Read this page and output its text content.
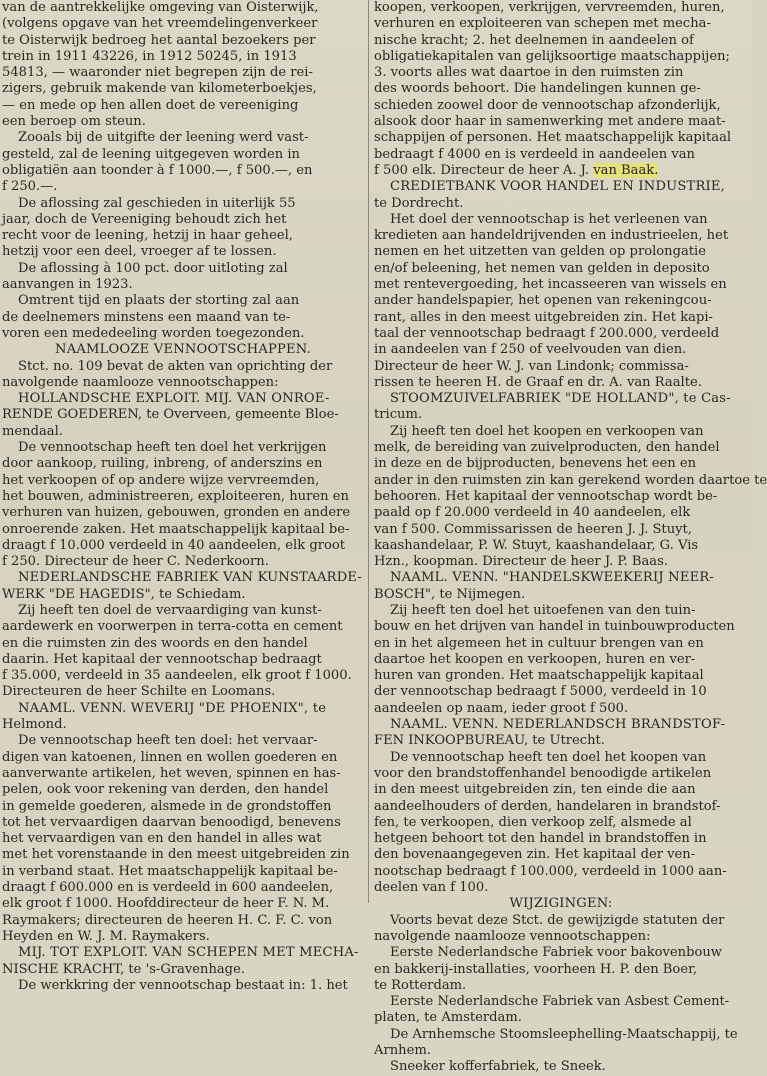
van de aantrekkelijke omgeving van Oisterwijk,
(volgens opgave van het vreemdelingenverkeer
te Oisterwijk bedroeg het aantal bezoekers per
trein in 1911 43226, in 1912 50245, in 1913
54813, — waaronder niet begrepen zijn de rei-
zigers, gebruik makende van kilometerboekjes,
— en mede op hen allen doet de vereeniging
een beroep om steun.
Zooals bij de uitgifte der leening werd vast-
gesteld, zal de leening uitgegeven worden in
obligatiën aan toonder à f 1000.—, f 500.—, en
f 250.—.
De aflossing zal geschieden in uiterlijk 55
jaar, doch de Vereeniging behoudt zich het
recht voor de leening, hetzij in haar geheel,
hetzij voor een deel, vroeger af te lossen.
De aflossing à 100 pct. door uitloting zal
aanvangen in 1923.
Omtrent tijd en plaats der storting zal aan
de deelnemers minstens een maand van te-
voren een mededeeling worden toegezonden.
NAAMLOOZE VENNOOTSCHAPPEN.
Stct. no. 109 bevat de akten van oprichting der
navolgende naamlooze vennootschappen:
HOLLANDSCHE EXPLOIT. MIJ. VAN ONROE-
RENDE GOEDEREN, te Overveen, gemeente Bloe-
mendaal.
De vennootschap heeft ten doel het verkrijgen
door aankoop, ruiling, inbreng, of anderszins en
het verkoopen of op andere wijze vervreemden,
het bouwen, administreeren, exploiteeren, huren en
verhuren van huizen, gebouwen, gronden en andere
onroerende zaken. Het maatschappelijk kapitaal be-
draagt f 10.000 verdeeld in 40 aandeelen, elk groot
f 250. Directeur de heer C. Nederkoorn.
NEDERLANDSCHE FABRIEK VAN KUNSTAARDE-
WERK "DE HAGEDIS", te Schiedam.
Zij heeft ten doel de vervaardiging van kunst-
aardewerk en voorwerpen in terra-cotta en cement
en die ruimsten zin des woords en den handel
daarin. Het kapitaal der vennootschap bedraagt
f 35.000, verdeeld in 35 aandeelen, elk groot f 1000.
Directeuren de heer Schilte en Loomans.
NAAML. VENN. WEVERIJ "DE PHOENIX", te
Helmond.
De vennootschap heeft ten doel: het vervaar-
digen van katoenen, linnen en wollen goederen en
aanverwante artikelen, het weven, spinnen en has-
pelen, ook voor rekening van derden, den handel
in gemelde goederen, alsmede in de grondstoffen
tot het vervaardigen daarvan benoodigd, benevens
het vervaardigen van en den handel in alles wat
met het vorenstaande in den meest uitgebreiden zin
in verband staat. Het maatschappelijk kapitaal be-
draagt f 600.000 en is verdeeld in 600 aandeelen,
elk groot f 1000. Hoofddirecteur de heer F. N. M.
Raymakers; directeuren de heeren H. C. F. C. von
Heyden en W. J. M. Raymakers.
MIJ. TOT EXPLOIT. VAN SCHEPEN MET MECHA-
NISCHE KRACHT, te 's-Gravenhage.
De werkkring der vennootschap bestaat in: 1. het
koopen, verkoopen, verkrijgen, vervreemden, huren,
verhuren en exploiteeren van schepen met mecha-
nische kracht; 2. het deelnemen in aandeelen of
obligatiekapitalen van gelijksoortige maatschappijen;
3. voorts alles wat daartoe in den ruimsten zin
des woords behoort. Die handelingen kunnen ge-
schieden zoowel door de vennootschap afzonderlijk,
alsook door haar in samenwerking met andere maat-
schappijen of personen. Het maatschappelijk kapitaal
bedraagt f 4000 en is verdeeld in aandeelen van
f 500 elk. Directeur de heer A. J. van Baak.
CREDIETBANK VOOR HANDEL EN INDUSTRIE,
te Dordrecht.
Het doel der vennootschap is het verleenen van
kredieten aan handeldrijvenden en industrieelen, het
nemen en het uitzetten van gelden op prolongatie
en/of beleening, het nemen van gelden in deposito
met rentevergoeding, het incasseeren van wissels en
ander handelspapier, het openen van rekeningcou-
rant, alles in den meest uitgebreiden zin. Het kapi-
taal der vennootschap bedraagt f 200.000, verdeeld
in aandeelen van f 250 of veelvouden van dien.
Directeur de heer W. J. van Lindonk; commissa-
rissen te heeren H. de Graaf en dr. A. van Raalte.
STOOMZUIVELFABRIEK "DE HOLLAND", te Cas-
tricum.
Zij heeft ten doel het koopen en verkoopen van
melk, de bereiding van zuivelproducten, den handel
in deze en de bijproducten, benevens het een en
ander in den ruimsten zin kan gerekend worden daartoe te
behooren. Het kapitaal der vennootschap wordt be-
paald op f 20.000 verdeeld in 40 aandeelen, elk
van f 500. Commissarissen de heeren J. J. Stuyt,
kaashandelaar, P. W. Stuyt, kaashandelaar, G. Vis
Hzn., koopman. Directeur de heer J. P. Baas.
NAAML. VENN. "HANDELSKWEEKERIJ NEER-
BOSCH", te Nijmegen.
Zij heeft ten doel het uitoefenen van den tuin-
bouw en het drijven van handel in tuinbouwproducten
en in het algemeen het in cultuur brengen van en
daartoe het koopen en verkoopen, huren en ver-
huren van gronden. Het maatschappelijk kapitaal
der vennootschap bedraagt f 5000, verdeeld in 10
aandeelen op naam, ieder groot f 500.
NAAML. VENN. NEDERLANDSCH BRANDSTOF-
FEN INKOOPBUREAU, te Utrecht.
De vennootschap heeft ten doel het koopen van
voor den brandstoffenhandel benoodigde artikelen
in den meest uitgebreiden zin, ten einde die aan
aandeelhouders of derden, handelaren in brandstof-
fen, te verkoopen, dien verkoop zelf, alsmede al
hetgeen behoort tot den handel in brandstoffen in
den bovenaangegeven zin. Het kapitaal der ven-
nootschap bedraagt f 100.000, verdeeld in 1000 aan-
deelen van f 100.
WIJZIGINGEN:
Voorts bevat deze Stct. de gewijzigde statuten der
navolgende naamlooze vennootschappen:
Eerste Nederlandsche Fabriek voor bakovenbouw
en bakkerij-installaties, voorheen H. P. den Boer,
te Rotterdam.
Eerste Nederlandsche Fabriek van Asbest Cement-
platen, te Amsterdam.
De Arnhemsche Stoomsleephelling-Maatschappij, te
Arnhem.
Sneeker kofferfabriek, te Sneek.
